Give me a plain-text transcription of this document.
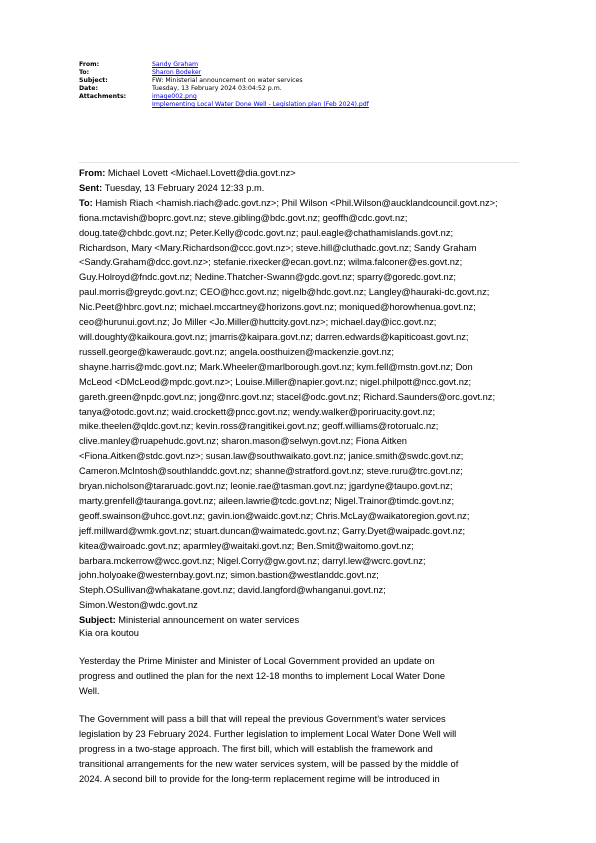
From:	Sandy Graham
To:	Sharon Bodeker
Subject:	FW: Ministerial announcement on water services
Date:	Tuesday, 13 February 2024 03:04:52 p.m.
Attachments:	image002.png
Implementing Local Water Done Well - Legislation plan (Feb 2024).pdf
From: Michael Lovett <Michael.Lovett@dia.govt.nz>
Sent: Tuesday, 13 February 2024 12:33 p.m.
To: Hamish Riach <hamish.riach@adc.govt.nz>; Phil Wilson <Phil.Wilson@aucklandcouncil.govt.nz>;
fiona.mctavish@boprc.govt.nz; steve.gibling@bdc.govt.nz; geoffh@cdc.govt.nz;
doug.tate@chbdc.govt.nz; Peter.Kelly@codc.govt.nz; paul.eagle@chathamislands.govt.nz;
Richardson, Mary <Mary.Richardson@ccc.govt.nz>; steve.hill@cluthadc.govt.nz; Sandy Graham
<Sandy.Graham@dcc.govt.nz>; stefanie.rixecker@ecan.govt.nz; wilma.falconer@es.govt.nz;
Guy.Holroyd@fndc.govt.nz; Nedine.Thatcher-Swann@gdc.govt.nz; sparry@goredc.govt.nz;
paul.morris@greydc.govt.nz; CEO@hcc.govt.nz; nigelb@hdc.govt.nz; Langley@hauraki-dc.govt.nz;
Nic.Peet@hbrc.govt.nz; michael.mccartney@horizons.govt.nz; moniqued@horowhenua.govt.nz;
ceo@hurunui.govt.nz; Jo Miller <Jo.Miller@huttcity.govt.nz>; michael.day@icc.govt.nz;
will.doughty@kaikoura.govt.nz; jmarris@kaipara.govt.nz; darren.edwards@kapiticoast.govt.nz;
russell.george@kaweraudc.govt.nz; angela.oosthuizen@mackenzie.govt.nz;
shayne.harris@mdc.govt.nz; Mark.Wheeler@marlborough.govt.nz; kym.fell@mstn.govt.nz; Don
McLeod <DMcLeod@mpdc.govt.nz>; Louise.Miller@napier.govt.nz; nigel.philpott@ncc.govt.nz;
gareth.green@npdc.govt.nz; jong@nrc.govt.nz; stacel@odc.govt.nz; Richard.Saunders@orc.govt.nz;
tanya@otodc.govt.nz; waid.crockett@pncc.govt.nz; wendy.walker@poriruacity.govt.nz;
mike.theelen@qldc.govt.nz; kevin.ross@rangitikei.govt.nz; geoff.williams@rotorualc.nz;
clive.manley@ruapehudc.govt.nz; sharon.mason@selwyn.govt.nz; Fiona Aitken
<Fiona.Aitken@stdc.govt.nz>; susan.law@southwaikato.govt.nz; janice.smith@swdc.govt.nz;
Cameron.McIntosh@southlanddc.govt.nz; shanne@stratford.govt.nz; steve.ruru@trc.govt.nz;
bryan.nicholson@tararuadc.govt.nz; leonie.rae@tasman.govt.nz; jgardyne@taupo.govt.nz;
marty.grenfell@tauranga.govt.nz; aileen.lawrie@tcdc.govt.nz; Nigel.Trainor@timdc.govt.nz;
geoff.swainson@uhcc.govt.nz; gavin.ion@waidc.govt.nz; Chris.McLay@waikatoregion.govt.nz;
jeff.millward@wmk.govt.nz; stuart.duncan@waimatedc.govt.nz; Garry.Dyet@waipadc.govt.nz;
kitea@wairoadc.govt.nz; aparmley@waitaki.govt.nz; Ben.Smit@waitomo.govt.nz;
barbara.mckerrow@wcc.govt.nz; Nigel.Corry@gw.govt.nz; darryl.lew@wcrc.govt.nz;
john.holyoake@westernbay.govt.nz; simon.bastion@westlanddc.govt.nz;
Steph.OSullivan@whakatane.govt.nz; david.langford@whanganui.govt.nz;
Simon.Weston@wdc.govt.nz
Subject: Ministerial announcement on water services
Kia ora koutou
Yesterday the Prime Minister and Minister of Local Government provided an update on
progress and outlined the plan for the next 12-18 months to implement Local Water Done
Well.
The Government will pass a bill that will repeal the previous Government’s water services
legislation by 23 February 2024. Further legislation to implement Local Water Done Well will
progress in a two-stage approach. The first bill, which will establish the framework and
transitional arrangements for the new water services system, will be passed by the middle of
2024. A second bill to provide for the long-term replacement regime will be introduced in
